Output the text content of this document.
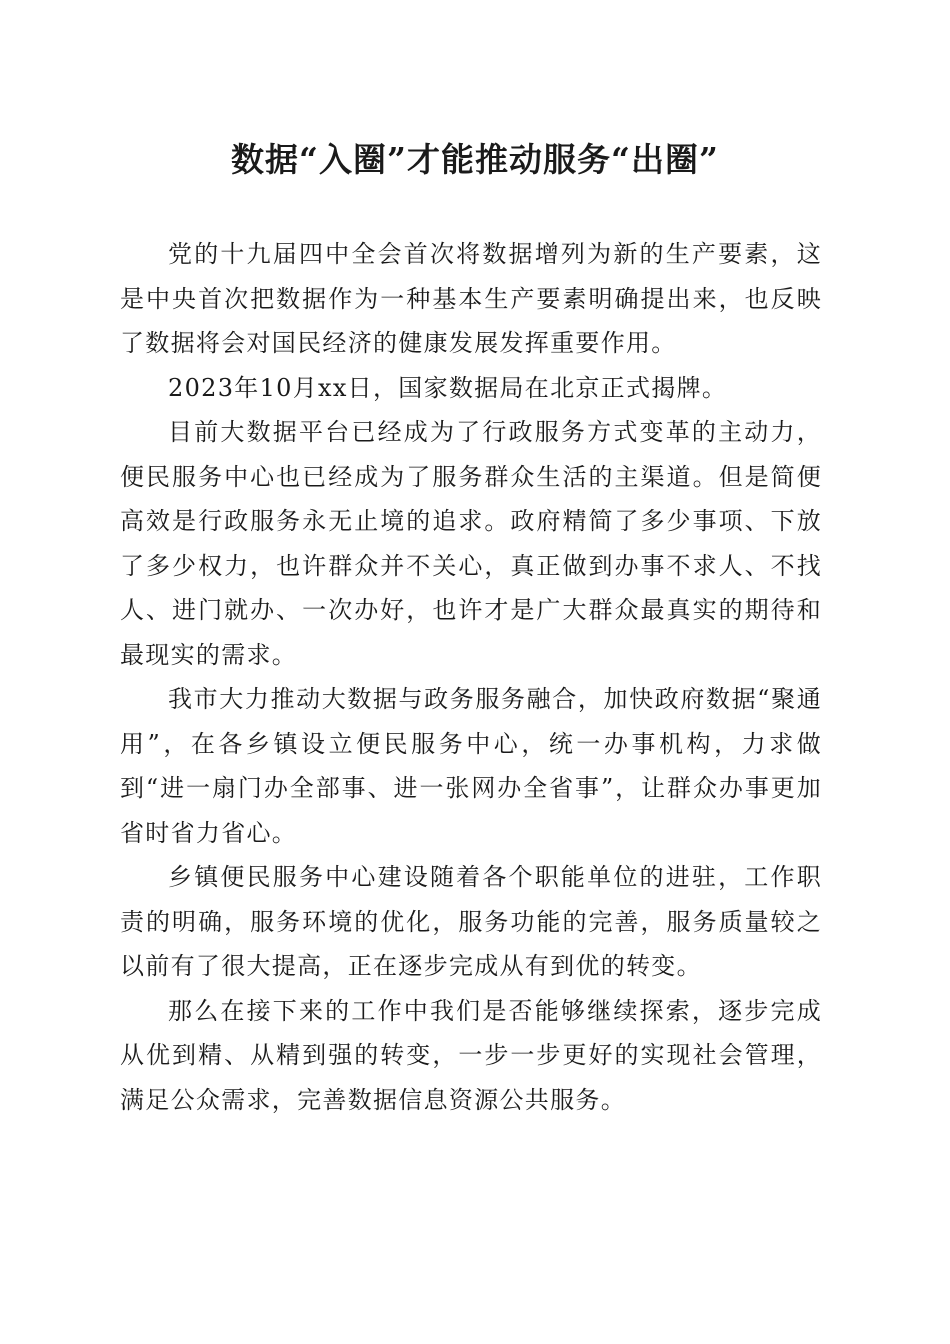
数据“入圈”才能推动服务“出圈”

党的十九届四中全会首次将数据增列为新的生产要素，这是中央首次把数据作为一种基本生产要素明确提出来，也反映了数据将会对国民经济的健康发展发挥重要作用。

2023年10月xx日，国家数据局在北京正式揭牌。

目前大数据平台已经成为了行政服务方式变革的主动力，便民服务中心也已经成为了服务群众生活的主渠道。但是简便高效是行政服务永无止境的追求。政府精简了多少事项、下放了多少权力，也许群众并不关心，真正做到办事不求人、不找人、进门就办、一次办好，也许才是广大群众最真实的期待和最现实的需求。

我市大力推动大数据与政务服务融合，加快政府数据“聚通用”，在各乡镇设立便民服务中心，统一办事机构，力求做到“进一扇门办全部事、进一张网办全省事”，让群众办事更加省时省力省心。

乡镇便民服务中心建设随着各个职能单位的进驻，工作职责的明确，服务环境的优化，服务功能的完善，服务质量较之以前有了很大提高，正在逐步完成从有到优的转变。

那么在接下来的工作中我们是否能够继续探索，逐步完成从优到精、从精到强的转变，一步一步更好的实现社会管理，满足公众需求，完善数据信息资源公共服务。
